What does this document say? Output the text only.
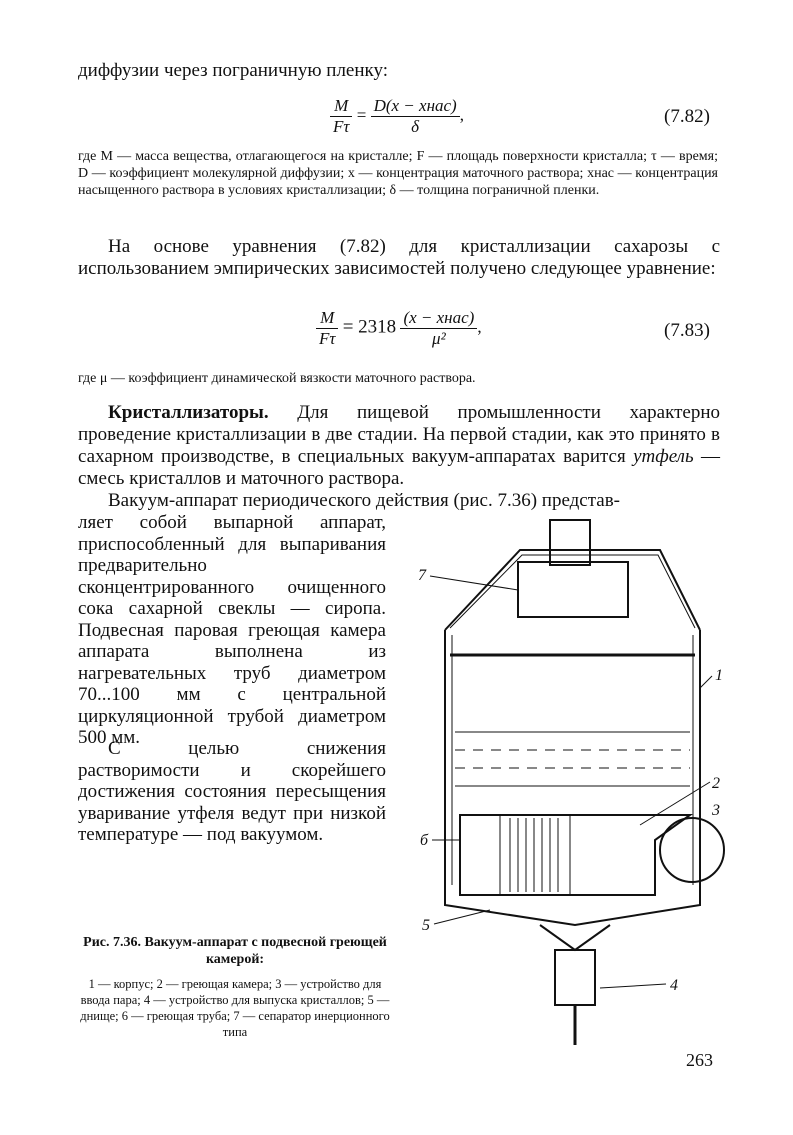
диффузии через пограничную пленку:
$\frac{M}{F\tau} = \frac{\text{D(x − xнас)}}{\delta}$ ,	(7.82)
где M — масса вещества, отлагающегося на кристалле; F — площадь поверхности кристалла; τ — время; D — коэффициент молекулярной диффузии; x — концентрация маточного раствора; xнас — концентрация насыщенного раствора в условиях кристаллизации; δ — толщина пограничной пленки.
На основе уравнения (7.82) для кристаллизации сахарозы с использованием эмпирических зависимостей получено следующее уравнение:
$\frac{M}{F\tau} = 2318 \frac{\text{(x − xнас)}}{\text{μ²}}$ ,	(7.83)
где μ — коэффициент динамической вязкости маточного раствора.
Кристаллизаторы. Для пищевой промышленности характерно проведение кристаллизации в две стадии. На первой стадии, как это принято в сахарном производстве, в специальных вакуум-аппаратах варится утфель — смесь кристаллов и маточного раствора.
Вакуум-аппарат периодического действия (рис. 7.36) представ-
ляет собой выпарной аппарат, приспособленный для выпаривания предварительно сконцентрированного очищенного сока сахарной свеклы — сиропа. Подвесная паровая греющая камера аппарата выполнена из нагревательных труб диаметром 70...100 мм с центральной циркуляционной трубой диаметром 500 мм.
С целью снижения растворимости и скорейшего достижения состояния пересыщения уваривание утфеля ведут при низкой температуре — под вакуумом.
7
1
2
3
б
5
4
Рис. 7.36. Вакуум-аппарат с подвесной греющей камерой:
1 — корпус; 2 — греющая камера; 3 — устройство для ввода пара; 4 — устройство для выпуска кристаллов; 5 — днище; 6 — греющая труба; 7 — сепаратор инерционного типа
263
